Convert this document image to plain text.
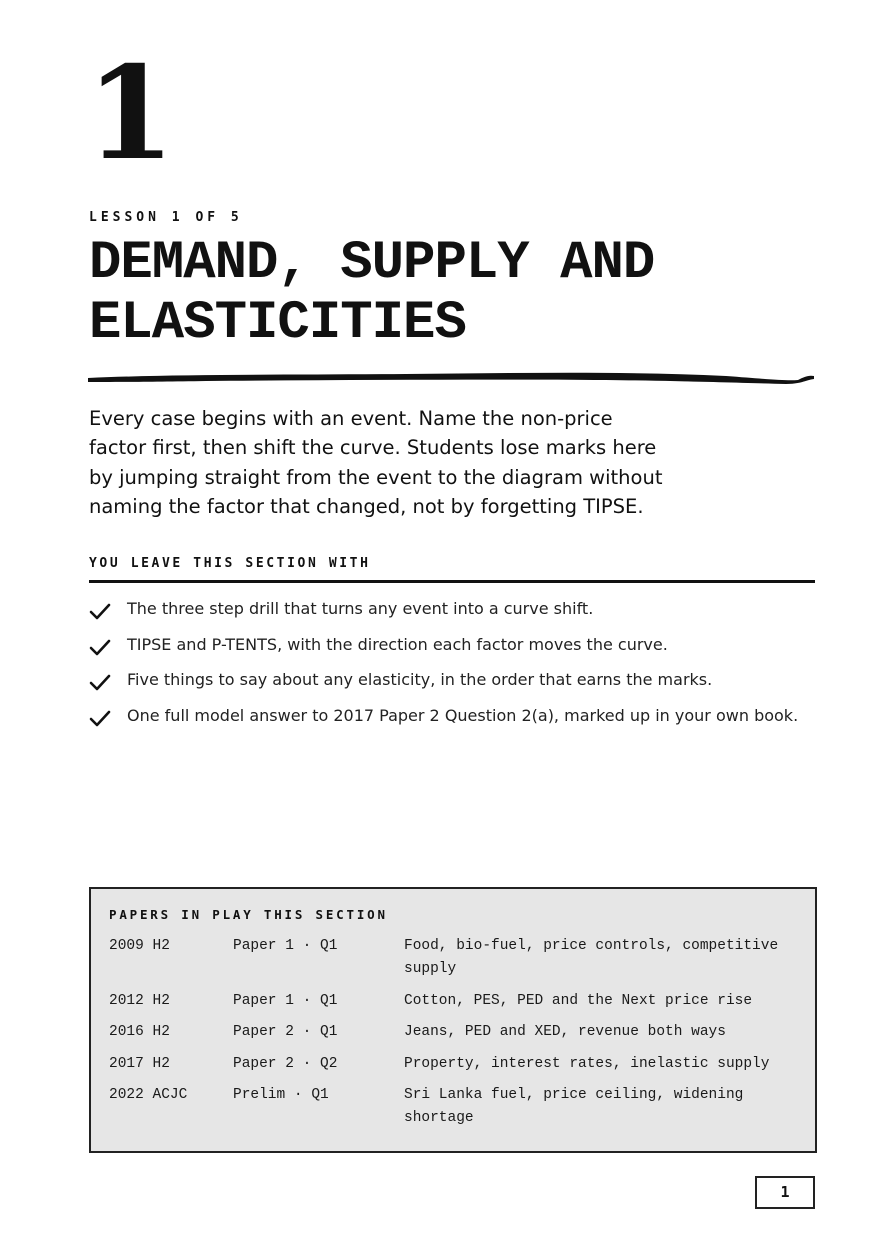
1
LESSON 1 OF 5
DEMAND, SUPPLY AND ELASTICITIES

Every case begins with an event. Name the non-price factor first, then shift the curve. Students lose marks here by jumping straight from the event to the diagram without naming the factor that changed, not by forgetting TIPSE.

YOU LEAVE THIS SECTION WITH
The three step drill that turns any event into a curve shift.
TIPSE and P-TENTS, with the direction each factor moves the curve.
Five things to say about any elasticity, in the order that earns the marks.
One full model answer to 2017 Paper 2 Question 2(a), marked up in your own book.
PAPERS IN PLAY THIS SECTION
2009 H2	Paper 1 · Q1	Food, bio-fuel, price controls, competitive supply
2012 H2	Paper 1 · Q1	Cotton, PES, PED and the Next price rise
2016 H2	Paper 2 · Q1	Jeans, PED and XED, revenue both ways
2017 H2	Paper 2 · Q2	Property, interest rates, inelastic supply
2022 ACJC	Prelim · Q1	Sri Lanka fuel, price ceiling, widening shortage
1
